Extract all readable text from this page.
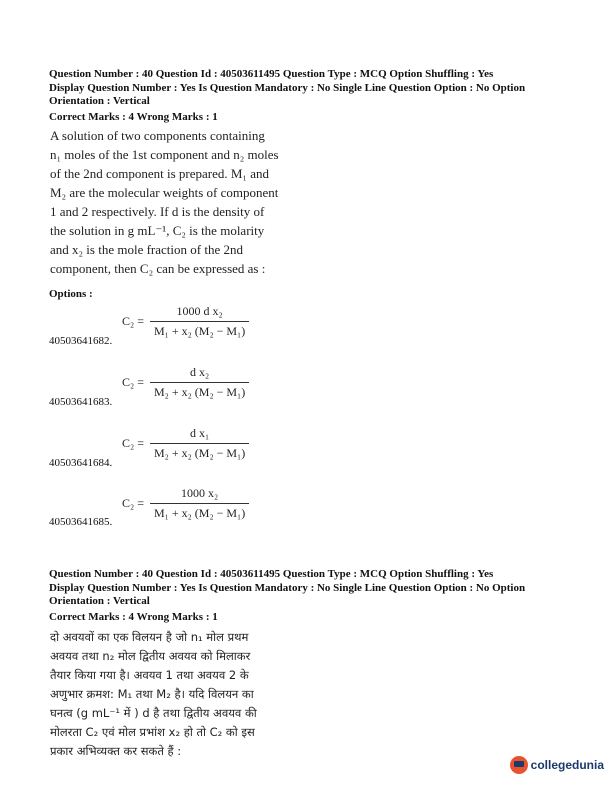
Question Number : 40 Question Id : 40503611495 Question Type : MCQ Option Shuffling : Yes
Display Question Number : Yes Is Question Mandatory : No Single Line Question Option : No Option
Orientation : Vertical
Correct Marks : 4 Wrong Marks : 1
A solution of two components containing
n₁ moles of the 1st component and n₂ moles
of the 2nd component is prepared. M₁ and
M₂ are the molecular weights of component
1 and 2 respectively. If d is the density of
the solution in g mL⁻¹, C₂ is the molarity
and x₂ is the mole fraction of the 2nd
component, then C₂ can be expressed as :
Options :
$C_2 = \frac{\text{1000 d x₂}}{\text{M₁ + x₂ (M₂ − M₁)}}$
40503641682.
$C_2 = \frac{\text{d x₂}}{\text{M₂ + x₂ (M₂ − M₁)}}$
40503641683.
$C_2 = \frac{\text{d x₁}}{\text{M₂ + x₂ (M₂ − M₁)}}$
40503641684.
$C_2 = \frac{\text{1000 x₂}}{\text{M₁ + x₂ (M₂ − M₁)}}$
40503641685.
Question Number : 40 Question Id : 40503611495 Question Type : MCQ Option Shuffling : Yes
Display Question Number : Yes Is Question Mandatory : No Single Line Question Option : No Option
Orientation : Vertical
Correct Marks : 4 Wrong Marks : 1
दो अवयवों का एक विलयन है जो n₁ मोल प्रथम
अवयव तथा n₂ मोल द्वितीय अवयव को मिलाकर
तैयार किया गया है। अवयव 1 तथा अवयव 2 के
अणुभार क्रमश: M₁ तथा M₂ है। यदि विलयन का
घनत्व (g mL⁻¹ में ) d है तथा द्वितीय अवयव की
मोलरता C₂ एवं मोल प्रभांश x₂ हो तो C₂ को इस
प्रकार अभिव्यक्त कर सकते हैं :
collegedunia
